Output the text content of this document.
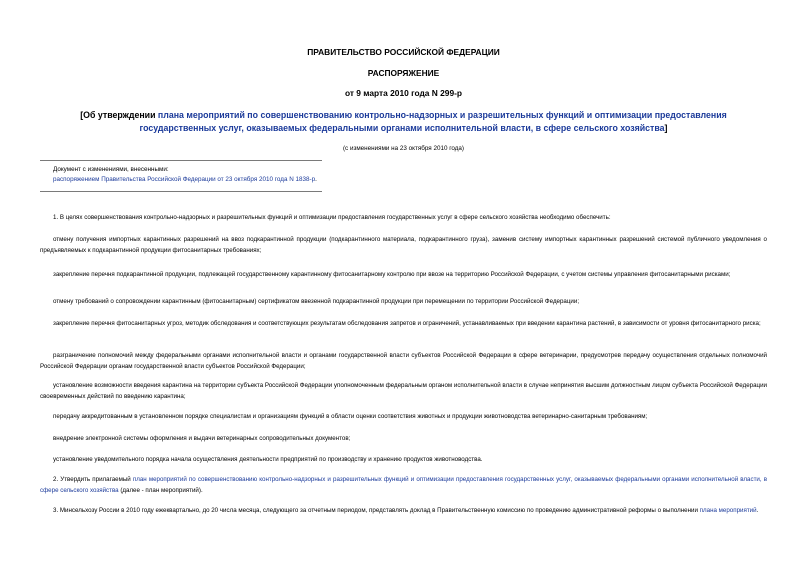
ПРАВИТЕЛЬСТВО РОССИЙСКОЙ ФЕДЕРАЦИИ
РАСПОРЯЖЕНИЕ
от 9 марта 2010 года N 299-р
[Об утверждении плана мероприятий по совершенствованию контрольно-надзорных и разрешительных функций и оптимизации предоставления государственных услуг, оказываемых федеральными органами исполнительной власти, в сфере сельского хозяйства]
(с изменениями на 23 октября 2010 года)
Документ с изменениями, внесенными:
распоряжением Правительства Российской Федерации от 23 октября 2010 года N 1838-р.
1. В целях совершенствования контрольно-надзорных и разрешительных функций и оптимизации предоставления государственных услуг в сфере сельского хозяйства необходимо обеспечить:
отмену получения импортных карантинных разрешений на ввоз подкарантинной продукции (подкарантинного материала, подкарантинного груза), заменив систему импортных карантинных разрешений системой публичного уведомления о предъявляемых к подкарантинной продукции фитосанитарных требованиях;
закрепление перечня подкарантинной продукции, подлежащей государственному карантинному фитосанитарному контролю при ввозе на территорию Российской Федерации, с учетом системы управления фитосанитарными рисками;
отмену требований о сопровождении карантинным (фитосанитарным) сертификатом ввезенной подкарантинной продукции при перемещении по территории Российской Федерации;
закрепление перечня фитосанитарных угроз, методик обследования и соответствующих результатам обследования запретов и ограничений, устанавливаемых при введении карантина растений, в зависимости от уровня фитосанитарного риска;
разграничение полномочий между федеральными органами исполнительной власти и органами государственной власти субъектов Российской Федерации в сфере ветеринарии, предусмотрев передачу осуществления отдельных полномочий Российской Федерации органам государственной власти субъектов Российской Федерации;
установление возможности введения карантина на территории субъекта Российской Федерации уполномоченным федеральным органом исполнительной власти в случае непринятия высшим должностным лицом субъекта Российской Федерации своевременных действий по введению карантина;
передачу аккредитованным в установленном порядке специалистам и организациям функций в области оценки соответствия животных и продукции животноводства ветеринарно-санитарным требованиям;
внедрение электронной системы оформления и выдачи ветеринарных сопроводительных документов;
установление уведомительного порядка начала осуществления деятельности предприятий по производству и хранению продуктов животноводства.
2. Утвердить прилагаемый план мероприятий по совершенствованию контрольно-надзорных и разрешительных функций и оптимизации предоставления государственных услуг, оказываемых федеральными органами исполнительной власти, в сфере сельского хозяйства (далее - план мероприятий).
3. Минсельхозу России в 2010 году ежеквартально, до 20 числа месяца, следующего за отчетным периодом, представлять доклад в Правительственную комиссию по проведению административной реформы о выполнении плана мероприятий.
